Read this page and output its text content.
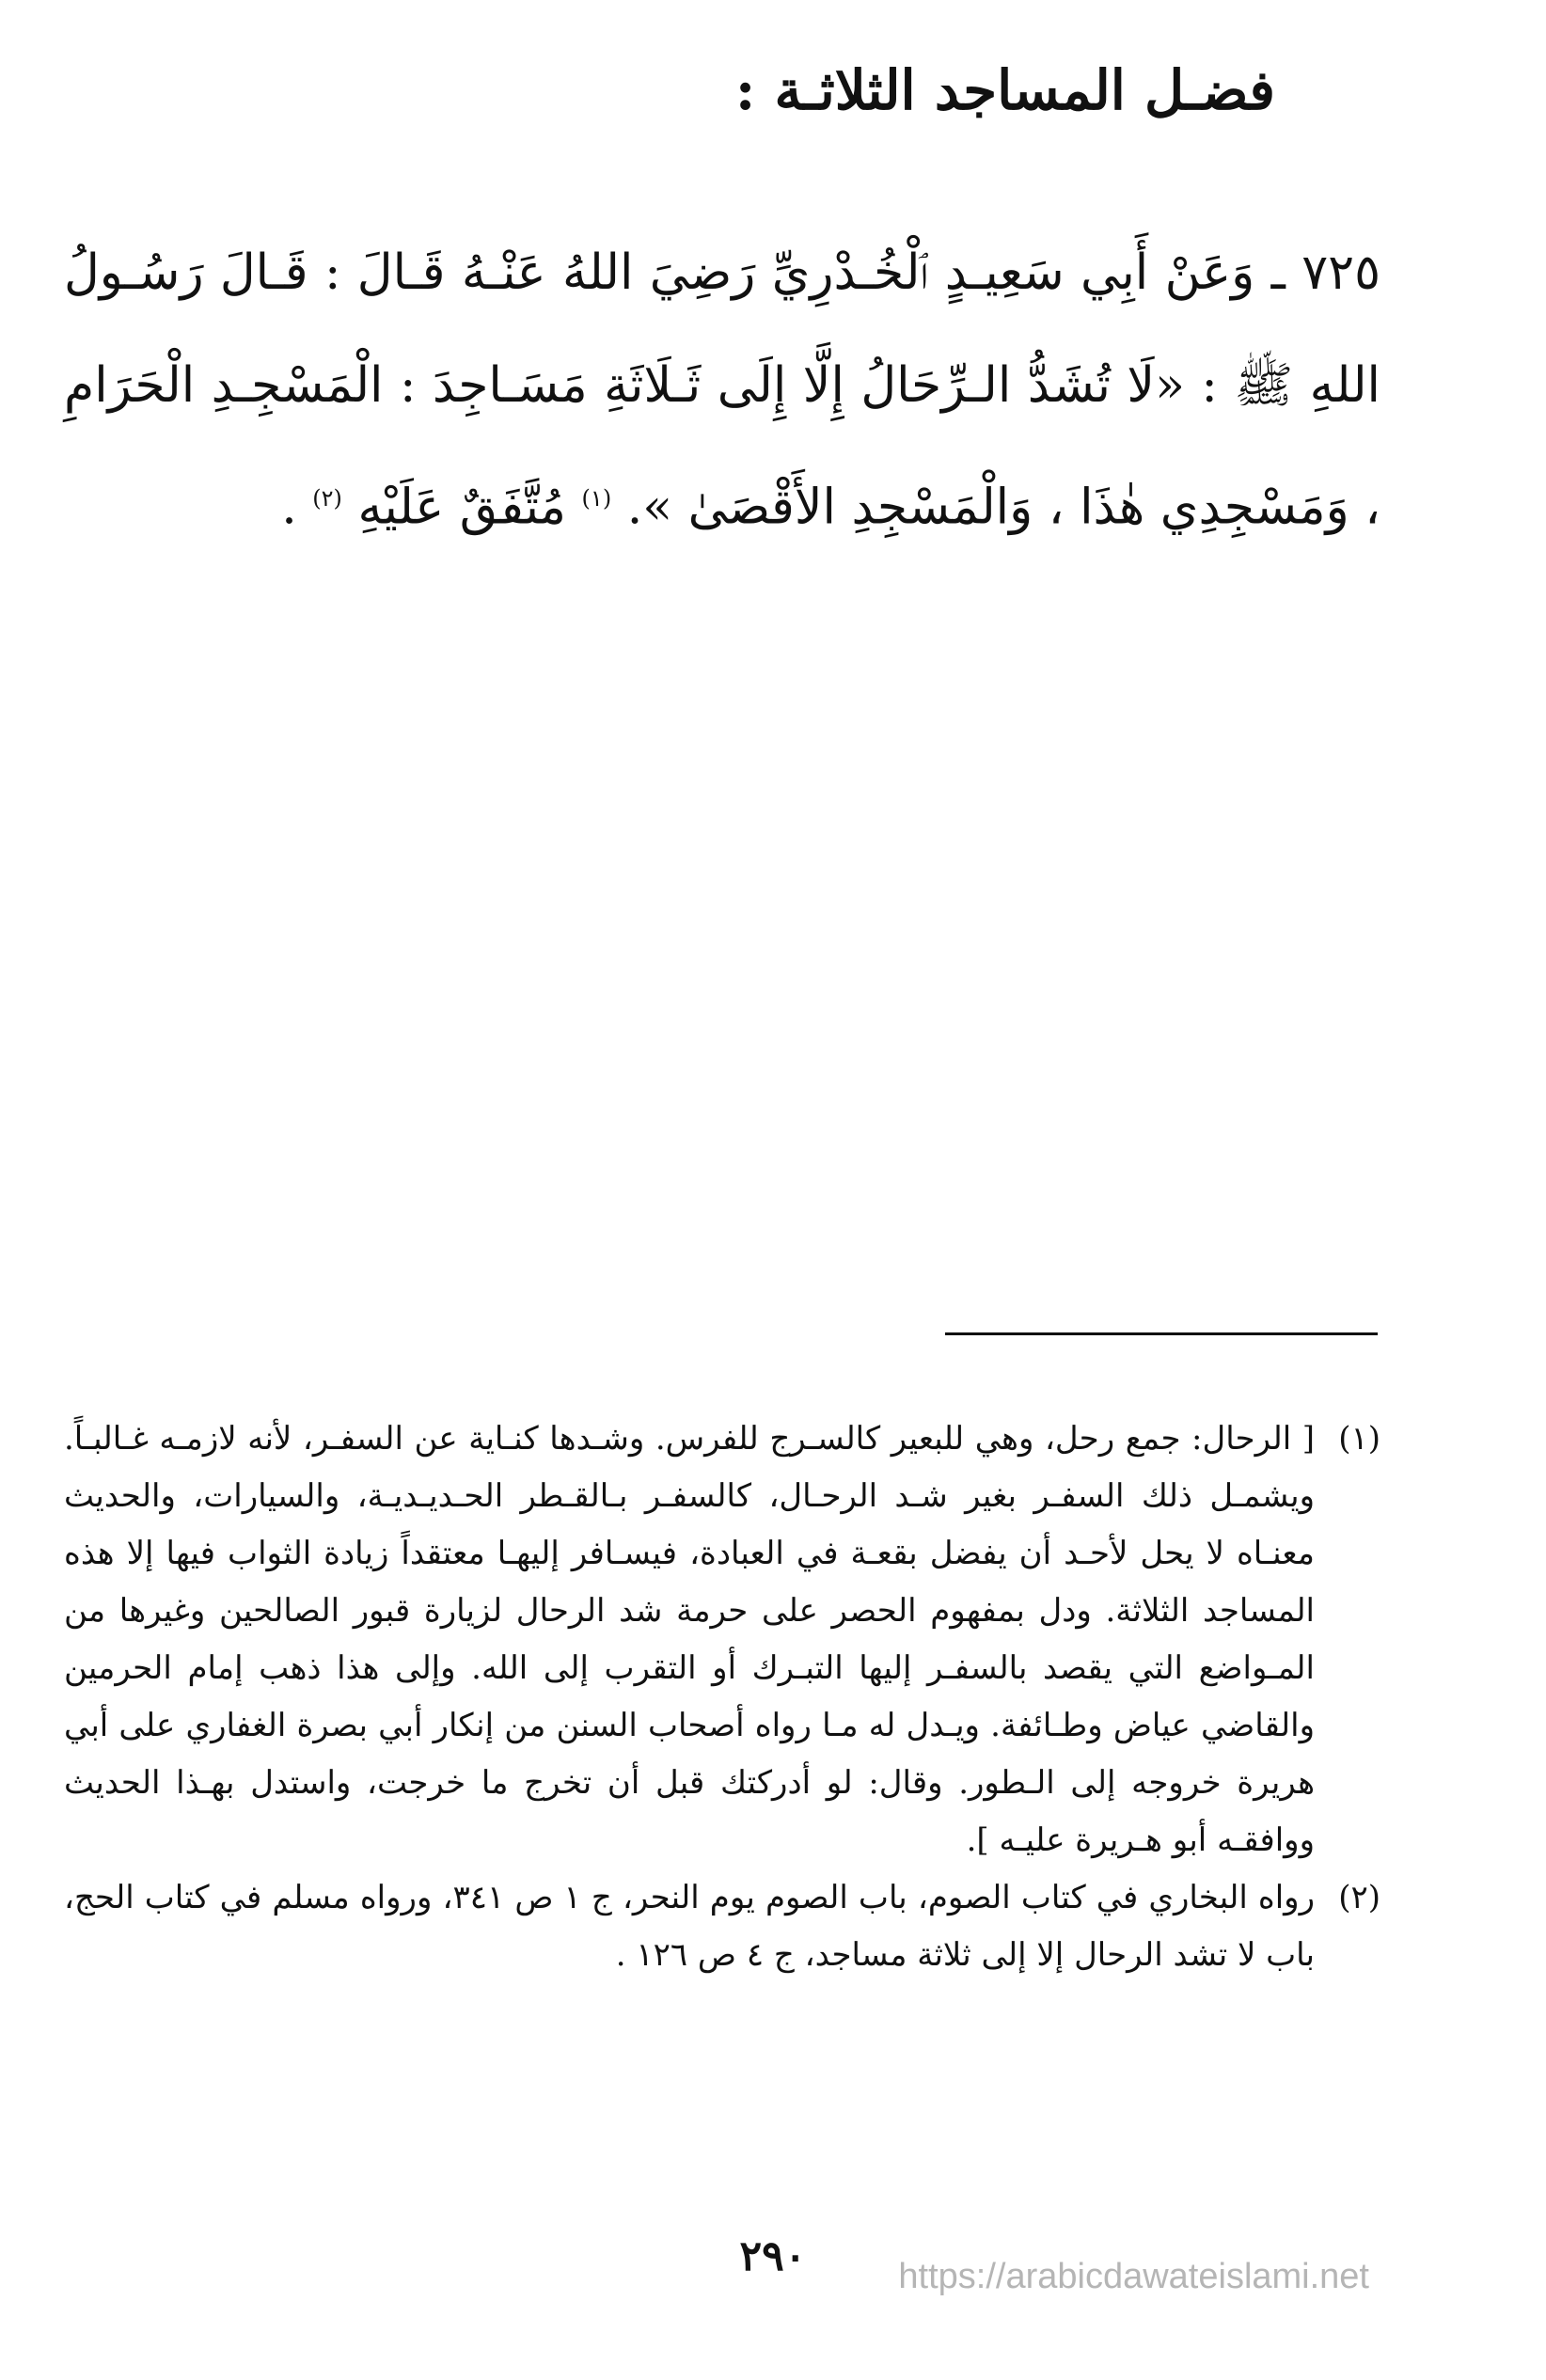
فضـل المساجد الثلاثـة :
٧٢٥ ـ وَعَنْ أَبِي سَعِيـدٍ ٱلْخُـدْرِيِّ رَضِيَ اللهُ عَنْـهُ قَـالَ : قَـالَ رَسُـولُ اللهِ ﷺ : «لَا تُشَدُّ الـرِّحَالُ إِلَّا إِلَى ثَـلَاثَةِ مَسَـاجِدَ : الْمَسْجِـدِ الْحَرَامِ ، وَمَسْجِدِي هٰذَا ، وَالْمَسْجِدِ الأَقْصَىٰ ». $^{(١)}$ مُتَّفَقٌ عَلَيْهِ $^{(٢)}$ .
(١)
[ الرحال: جمع رحل، وهي للبعير كالسـرج للفرس. وشـدها كنـاية عن السفـر، لأنه لازمـه غـالبـاً. ويشمـل ذلك السفـر بغير شـد الرحـال، كالسفـر بـالقـطر الحـديـديـة، والسيارات، والحديث معنـاه لا يحل لأحـد أن يفضل بقعـة في العبادة، فيسـافر إليهـا معتقداً زيادة الثواب فيها إلا هذه المساجد الثلاثة. ودل بمفهوم الحصر على حرمة شد الرحال لزيارة قبور الصالحين وغيرها من المـواضع التي يقصد بالسفـر إليها التبـرك أو التقرب إلى الله. وإلى هذا ذهب إمام الحرمين والقاضي عياض وطـائفة. ويـدل له مـا رواه أصحاب السنن من إنكار أبي بصرة الغفاري على أبي هريرة خروجه إلى الـطور. وقال: لو أدركتك قبل أن تخرج ما خرجت، واستدل بهـذا الحديث ووافقـه أبو هـريرة عليـه ].
(٢)
رواه البخاري في كتاب الصوم، باب الصوم يوم النحر، ج ١ ص ٣٤١، ورواه مسلم في كتاب الحج، باب لا تشد الرحال إلا إلى ثلاثة مساجد، ج ٤ ص ١٢٦ .
٢٩٠	https://arabicdawateislami.net
